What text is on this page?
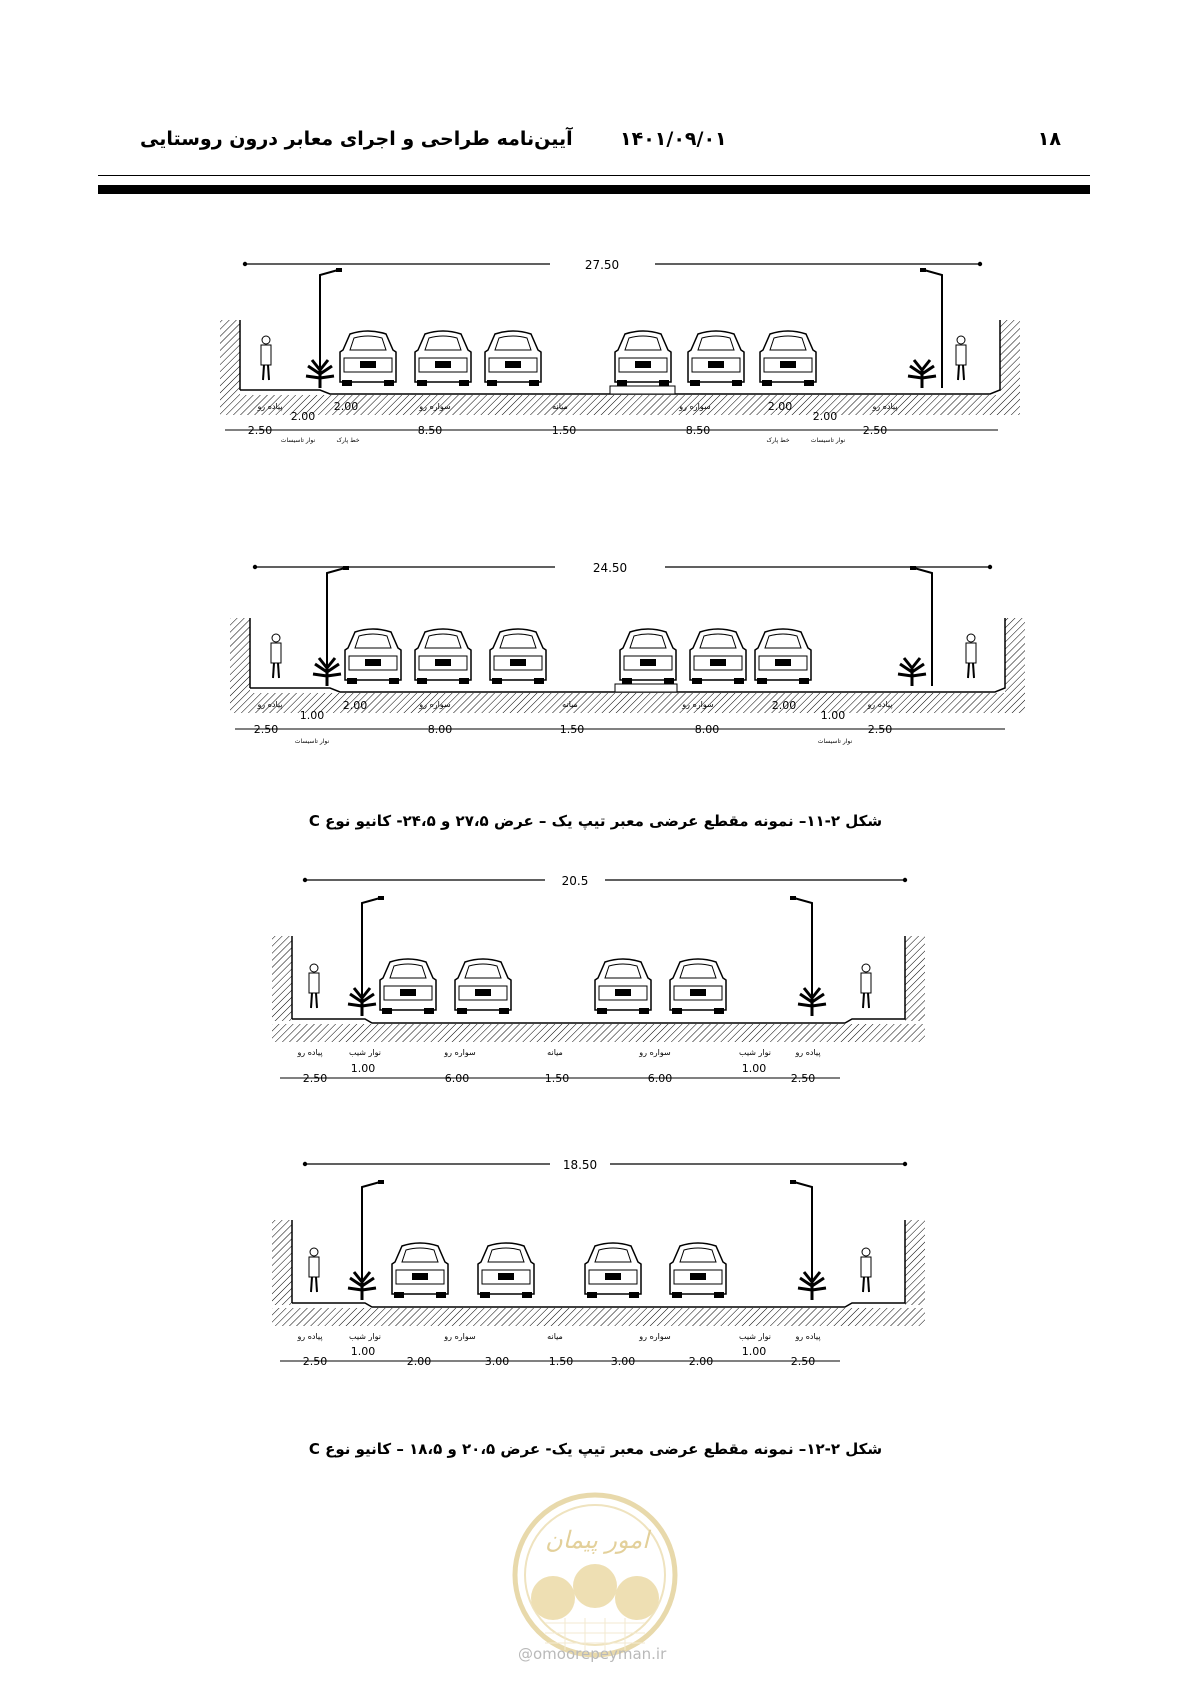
۱۸
۱۴۰۱/۰۹/۰۱
آیین‌نامه طراحی و اجرای معابر درون روستایی
27.50
پیاده رو	سواره رو	میانه	سواره رو	پیاده رو
2.50
2.00
2.00
8.50	1.50	8.50
2.00
2.00
2.50
نوار تاسیسات	خط پارک	خط پارک	نوار تاسیسات
24.50
پیاده رو	سواره رو	میانه	سواره رو	پیاده رو
2.50
1.00
2.00
8.00	1.50	8.00
2.00
1.00
2.50
نوار تاسیسات	نوار تاسیسات
شکل ۲-۱۱– نمونه مقطع عرضی معبر تیپ یک – عرض ۲۷،۵ و ۲۴،۵- کانیو نوع C
20.5
پیاده رو	نوار شیب	سواره رو	میانه	سواره رو	نوار شیب	پیاده رو
2.50
1.00
6.00	1.50	6.00
1.00
2.50
18.50
پیاده رو	نوار شیب	سواره رو	میانه	سواره رو	نوار شیب	پیاده رو
2.50
1.00
2.00	3.00	1.50	3.00	2.00
1.00
2.50
شکل ۲-۱۲– نمونه مقطع عرضی معبر تیپ یک- عرض ۲۰،۵ و ۱۸،۵ – کانیو نوع C
امور پیمان
@omoorepeyman.ir
